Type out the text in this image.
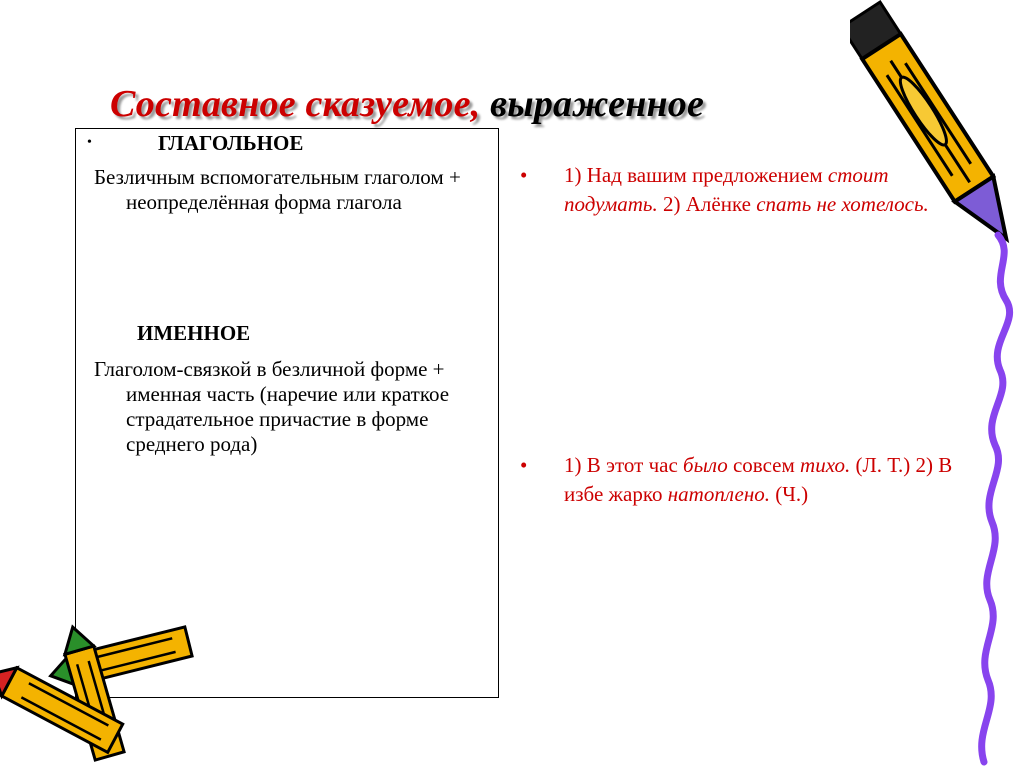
Составное сказуемое, выраженное
•	ГЛАГОЛЬНОЕ
Безличным вспомогательным глаголом + неопределённая форма глагола
ИМЕННОЕ
Глаголом-связкой в безличной форме + именная часть (наречие или краткое страдательное причастие в форме среднего рода)
• 1) Над вашим предложением стоит подумать. 2) Алёнке спать не хотелось.
• 1) В этот час было совсем тихо. (Л. Т.) 2) В избе жарко натоплено. (Ч.)
